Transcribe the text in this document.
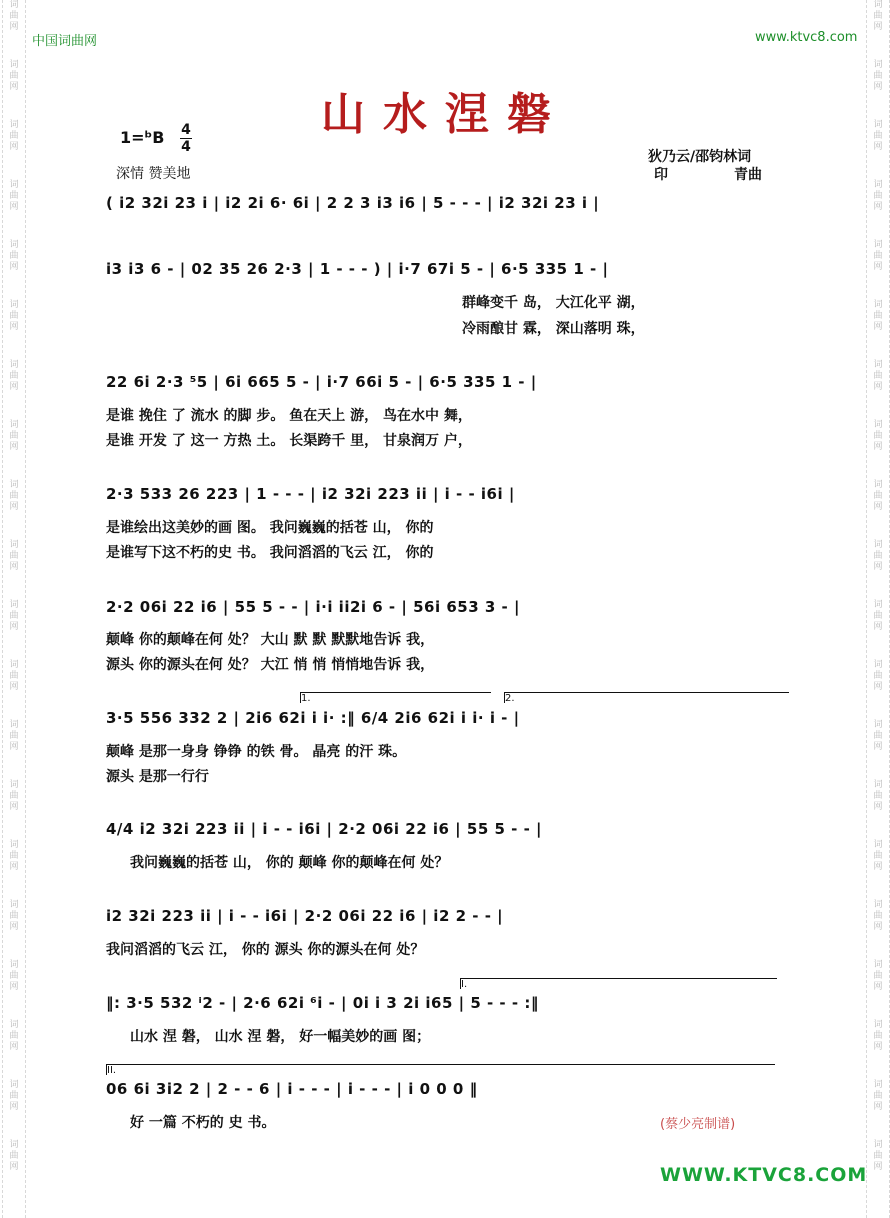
词
曲
网
词
曲
网
词
曲
网
词
曲
网
词
曲
网
词
曲
网
词
曲
网
词
曲
网
词
曲
网
词
曲
网
词
曲
网
词
曲
网
词
曲
网
词
曲
网
词
曲
网
词
曲
网
词
曲
网
词
曲
网
词
曲
网
词
曲
网
词
曲
网
词
曲
网
词
曲
网
词
曲
网
词
曲
网
词
曲
网
词
曲
网
词
曲
网
词
曲
网
词
曲
网
词
曲
网
词
曲
网
词
曲
网
词
曲
网
词
曲
网
词
曲
网
词
曲
网
词
曲
网
词
曲
网
词
曲
网
中国词曲网	www.ktvc8.com
山水涅磐
1=ᵇB 4
4
深情 赞美地
狄乃云/邵钧林词
印	青曲
( i2 32i 23 i | i2 2i 6· 6i | 2 2 3 i3 i6 | 5 - - - | i2 32i 23 i |
i3 i3 6 - | 02 35 26 2·3 | 1 - - - ) | i·7 67i 5 - | 6·5 335 1 - |
群峰变千 岛， 大江化平 湖，
冷雨酿甘 霖， 深山落明 珠，
22 6i 2·3 ⁵5 | 6i 665 5 - | i·7 66i 5 - | 6·5 335 1 - |
是谁 挽住 了 流水 的脚 步。 鱼在天上 游， 鸟在水中 舞，
是谁 开发 了 这一 方热 土。 长渠跨千 里， 甘泉润万 户，
2·3 533 26 223 | 1 - - - | i2 32i 223 ii | i - - i6i |
是谁绘出这美妙的画 图。 我问巍巍的括苍 山， 你的
是谁写下这不朽的史 书。 我问滔滔的飞云 江， 你的
2·2 06i 22 i6 | 55 5 - - | i·i ii2i 6 - | 56i 653 3 - |
颠峰 你的颠峰在何 处？ 大山 默 默 默默地告诉 我，
源头 你的源头在何 处？ 大江 悄 悄 悄悄地告诉 我，
1.	2.
3·5 556 332 2 | 2i6 62i i i· :‖ 6/4 2i6 62i i i· i - |
颠峰 是那一身身 铮铮 的铁 骨。 晶亮 的汗 珠。
源头 是那一行行
4/4 i2 32i 223 ii | i - - i6i | 2·2 06i 22 i6 | 55 5 - - |
我问巍巍的括苍 山， 你的 颠峰 你的颠峰在何 处？
i2 32i 223 ii | i - - i6i | 2·2 06i 22 i6 | i2 2 - - |
我问滔滔的飞云 江， 你的 源头 你的源头在何 处？
I.
‖: 3·5 532 ⁱ2 - | 2·6 62i ⁶i - | 0i i 3 2i i65 | 5 - - - :‖
山水 涅 磐， 山水 涅 磐， 好一幅美妙的画 图；
II.
06 6i 3i2 2 | 2 - - 6 | i - - - | i - - - | i 0 0 0 ‖
好 一篇 不朽的 史 书。	(蔡少亮制谱)
WWW.KTVC8.COM
